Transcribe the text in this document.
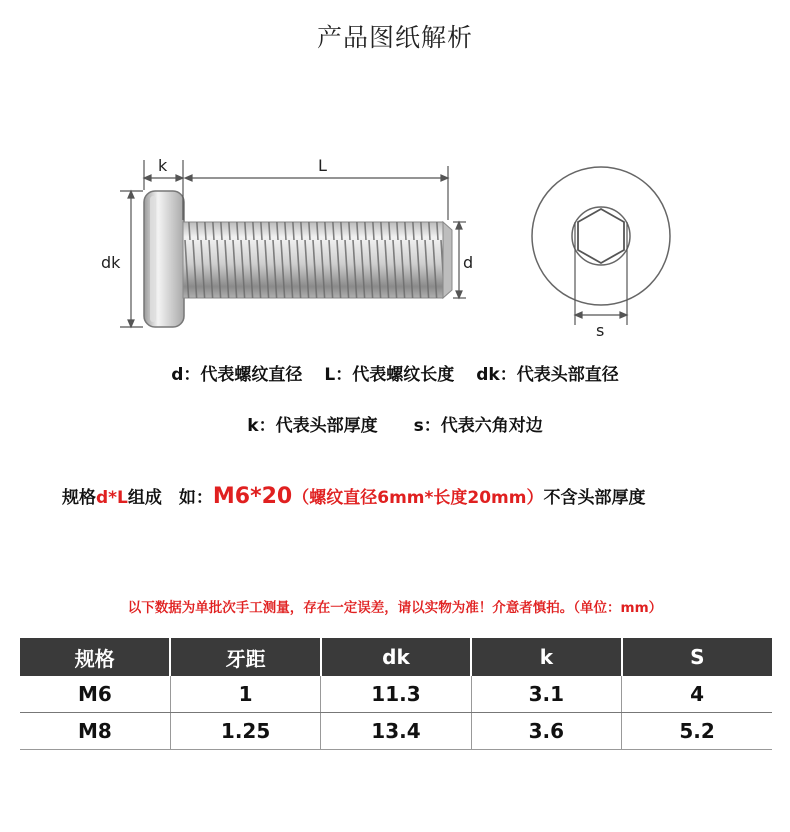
产品图纸解析
k	L
dk	d
s
d：代表螺纹直径 L：代表螺纹长度 dk：代表头部直径
k：代表头部厚度 s：代表六角对边
规格d*L组成　如：M6*20（螺纹直径6mm*长度20mm）不含头部厚度
以下数据为单批次手工测量，存在一定误差，请以实物为准！介意者慎拍。（单位：mm）
规格	牙距	dk	k	S
M6	1	11.3	3.1	4
M8	1.25	13.4	3.6	5.2
